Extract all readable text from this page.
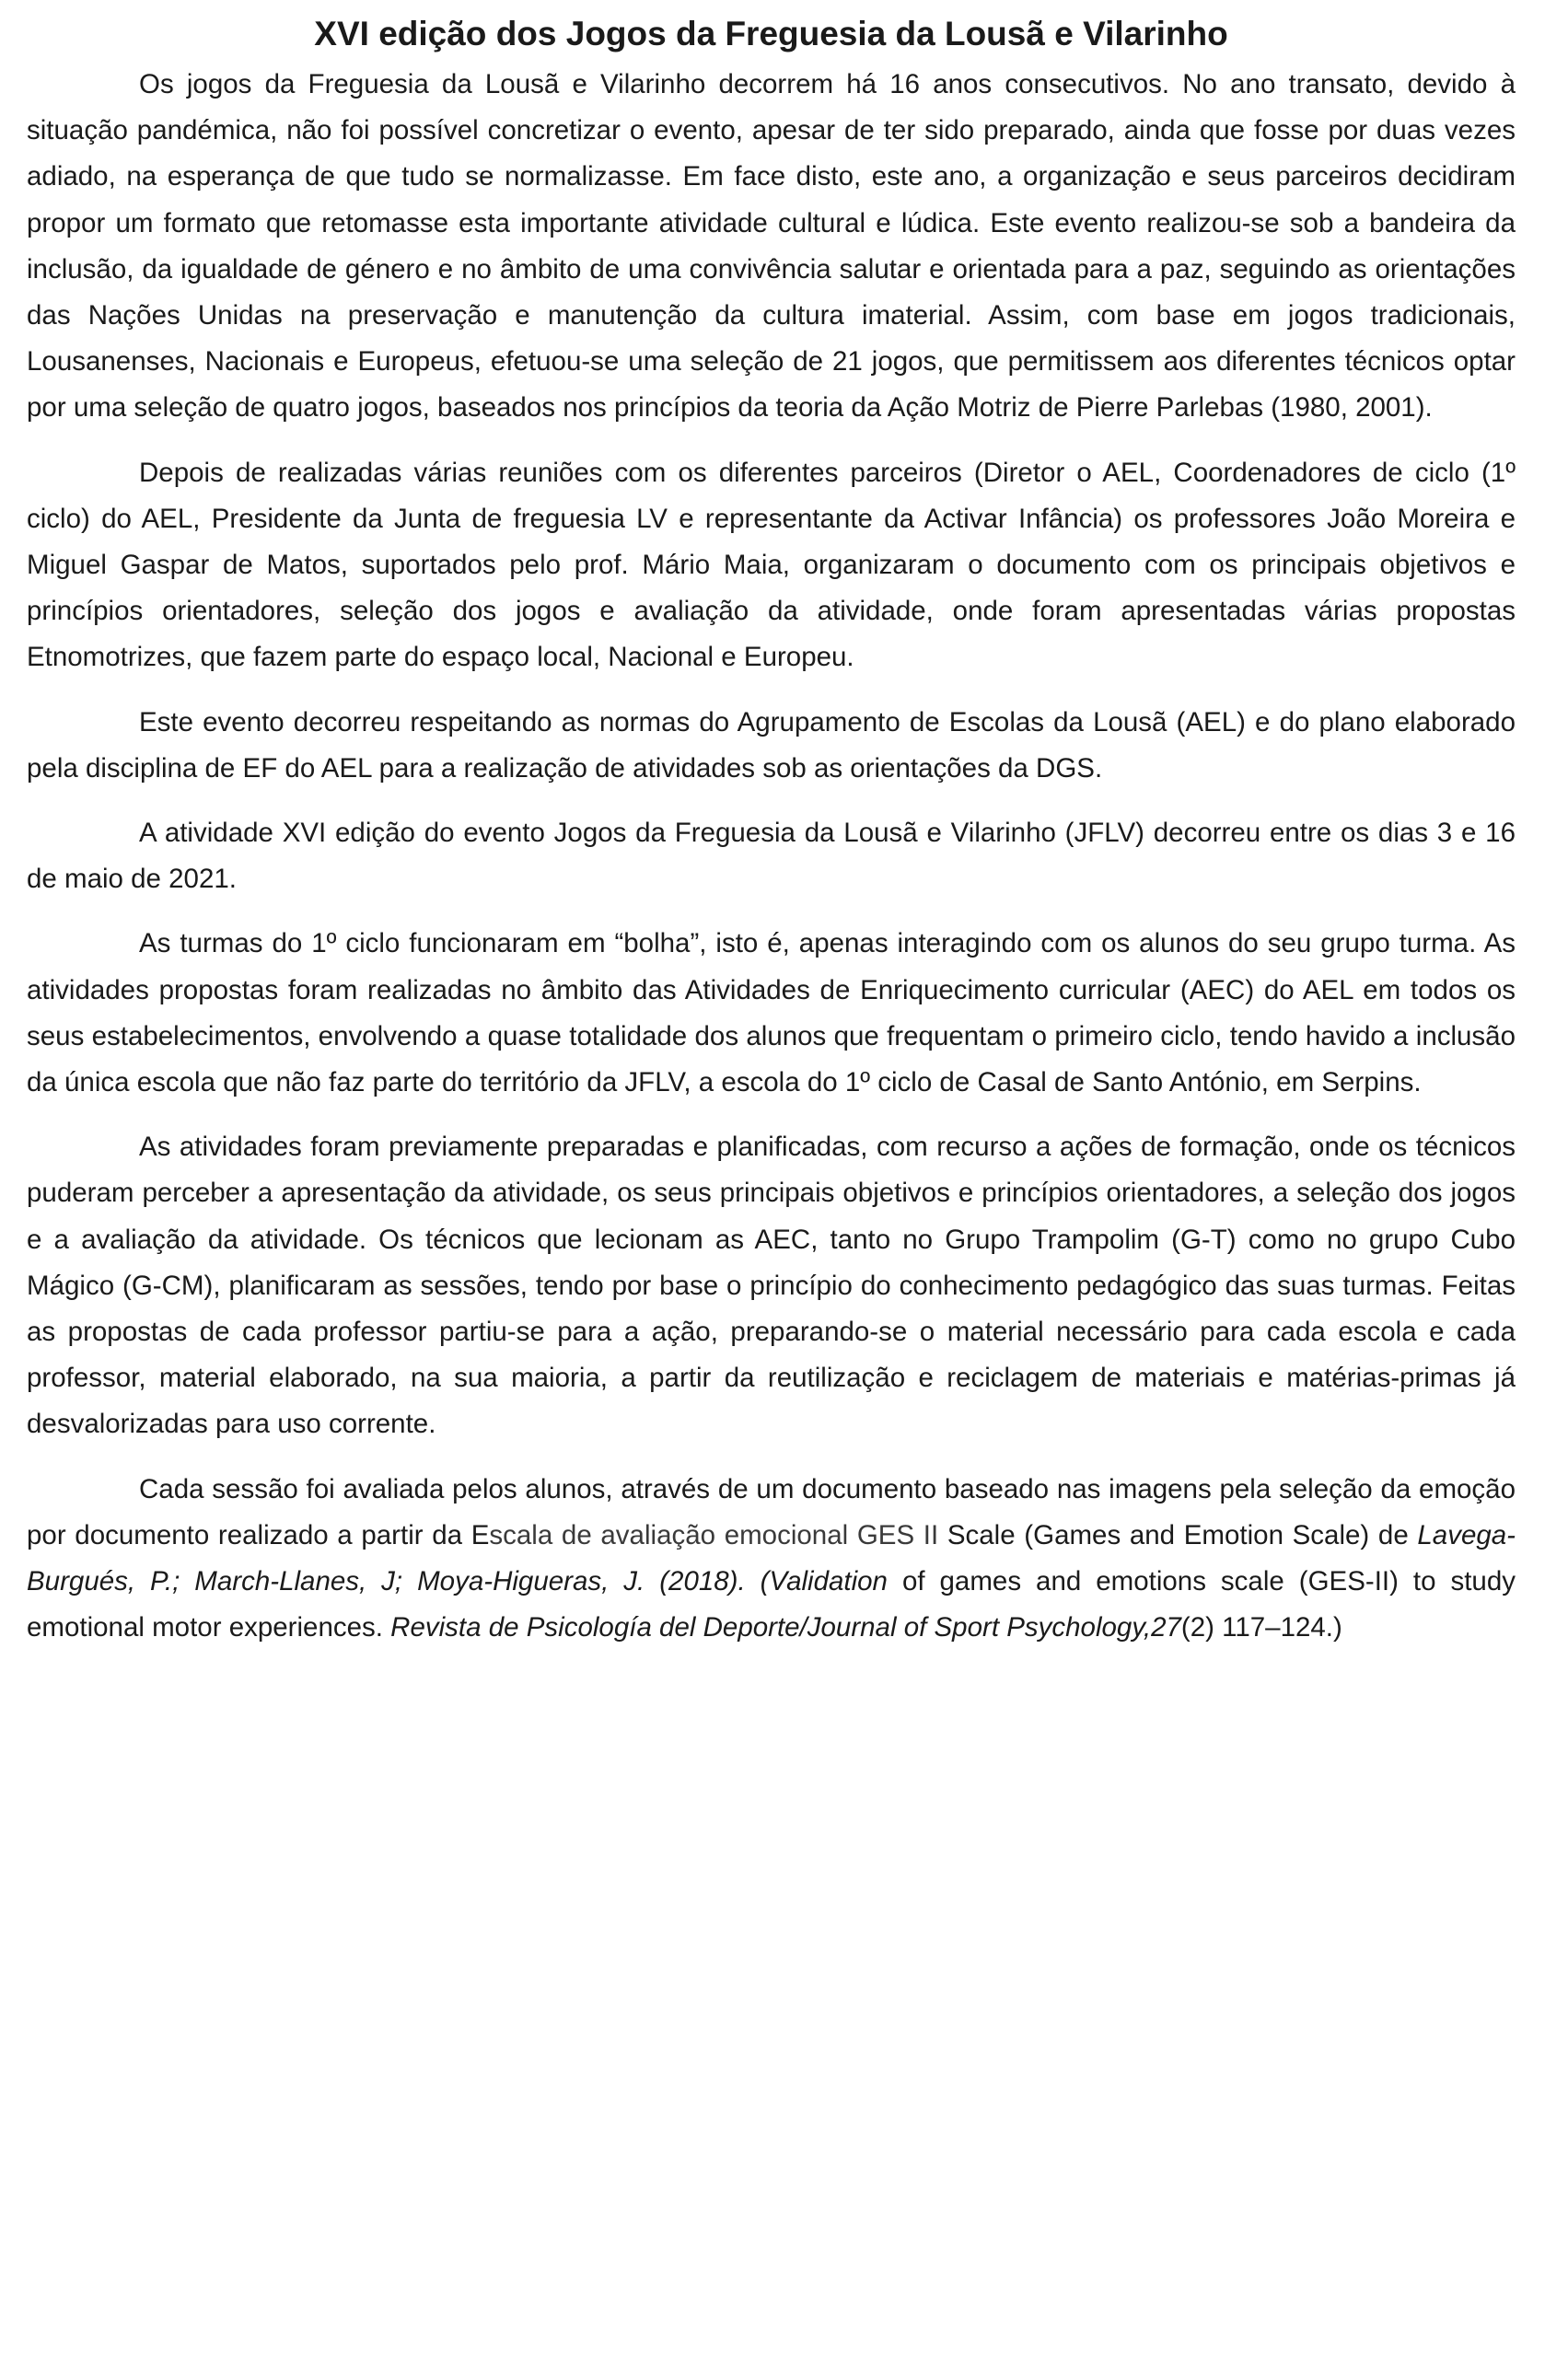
XVI edição dos Jogos da Freguesia da Lousã e Vilarinho

Os jogos da Freguesia da Lousã e Vilarinho decorrem há 16 anos consecutivos. No ano transato, devido à situação pandémica, não foi possível concretizar o evento, apesar de ter sido preparado, ainda que fosse por duas vezes adiado, na esperança de que tudo se normalizasse. Em face disto, este ano, a organização e seus parceiros decidiram propor um formato que retomasse esta importante atividade cultural e lúdica. Este evento realizou-se sob a bandeira da inclusão, da igualdade de género e no âmbito de uma convivência salutar e orientada para a paz, seguindo as orientações das Nações Unidas na preservação e manutenção da cultura imaterial. Assim, com base em jogos tradicionais, Lousanenses, Nacionais e Europeus, efetuou-se uma seleção de 21 jogos, que permitissem aos diferentes técnicos optar por uma seleção de quatro jogos, baseados nos princípios da teoria da Ação Motriz de Pierre Parlebas (1980, 2001).

Depois de realizadas várias reuniões com os diferentes parceiros (Diretor o AEL, Coordenadores de ciclo (1º ciclo) do AEL, Presidente da Junta de freguesia LV e representante da Activar Infância) os professores João Moreira e Miguel Gaspar de Matos, suportados pelo prof. Mário Maia, organizaram o documento com os principais objetivos e princípios orientadores, seleção dos jogos e avaliação da atividade, onde foram apresentadas várias propostas Etnomotrizes, que fazem parte do espaço local, Nacional e Europeu.

Este evento decorreu respeitando as normas do Agrupamento de Escolas da Lousã (AEL) e do plano elaborado pela disciplina de EF do AEL para a realização de atividades sob as orientações da DGS.

A atividade XVI edição do evento Jogos da Freguesia da Lousã e Vilarinho (JFLV) decorreu entre os dias 3 e 16 de maio de 2021.

As turmas do 1º ciclo funcionaram em “bolha”, isto é, apenas interagindo com os alunos do seu grupo turma. As atividades propostas foram realizadas no âmbito das Atividades de Enriquecimento curricular (AEC) do AEL em todos os seus estabelecimentos, envolvendo a quase totalidade dos alunos que frequentam o primeiro ciclo, tendo havido a inclusão da única escola que não faz parte do território da JFLV, a escola do 1º ciclo de Casal de Santo António, em Serpins.

As atividades foram previamente preparadas e planificadas, com recurso a ações de formação, onde os técnicos puderam perceber a apresentação da atividade, os seus principais objetivos e princípios orientadores, a seleção dos jogos e a avaliação da atividade. Os técnicos que lecionam as AEC, tanto no Grupo Trampolim (G-T) como no grupo Cubo Mágico (G-CM), planificaram as sessões, tendo por base o princípio do conhecimento pedagógico das suas turmas. Feitas as propostas de cada professor partiu-se para a ação, preparando-se o material necessário para cada escola e cada professor, material elaborado, na sua maioria, a partir da reutilização e reciclagem de materiais e matérias-primas já desvalorizadas para uso corrente.

Cada sessão foi avaliada pelos alunos, através de um documento baseado nas imagens pela seleção da emoção por documento realizado a partir da Escala de avaliação emocional GES II Scale (Games and Emotion Scale) de Lavega-Burgués, P.; March-Llanes, J; Moya-Higueras, J. (2018). (Validation of games and emotions scale (GES-II) to study emotional motor experiences. Revista de Psicología del Deporte/Journal of Sport Psychology,27(2) 117–124.)
